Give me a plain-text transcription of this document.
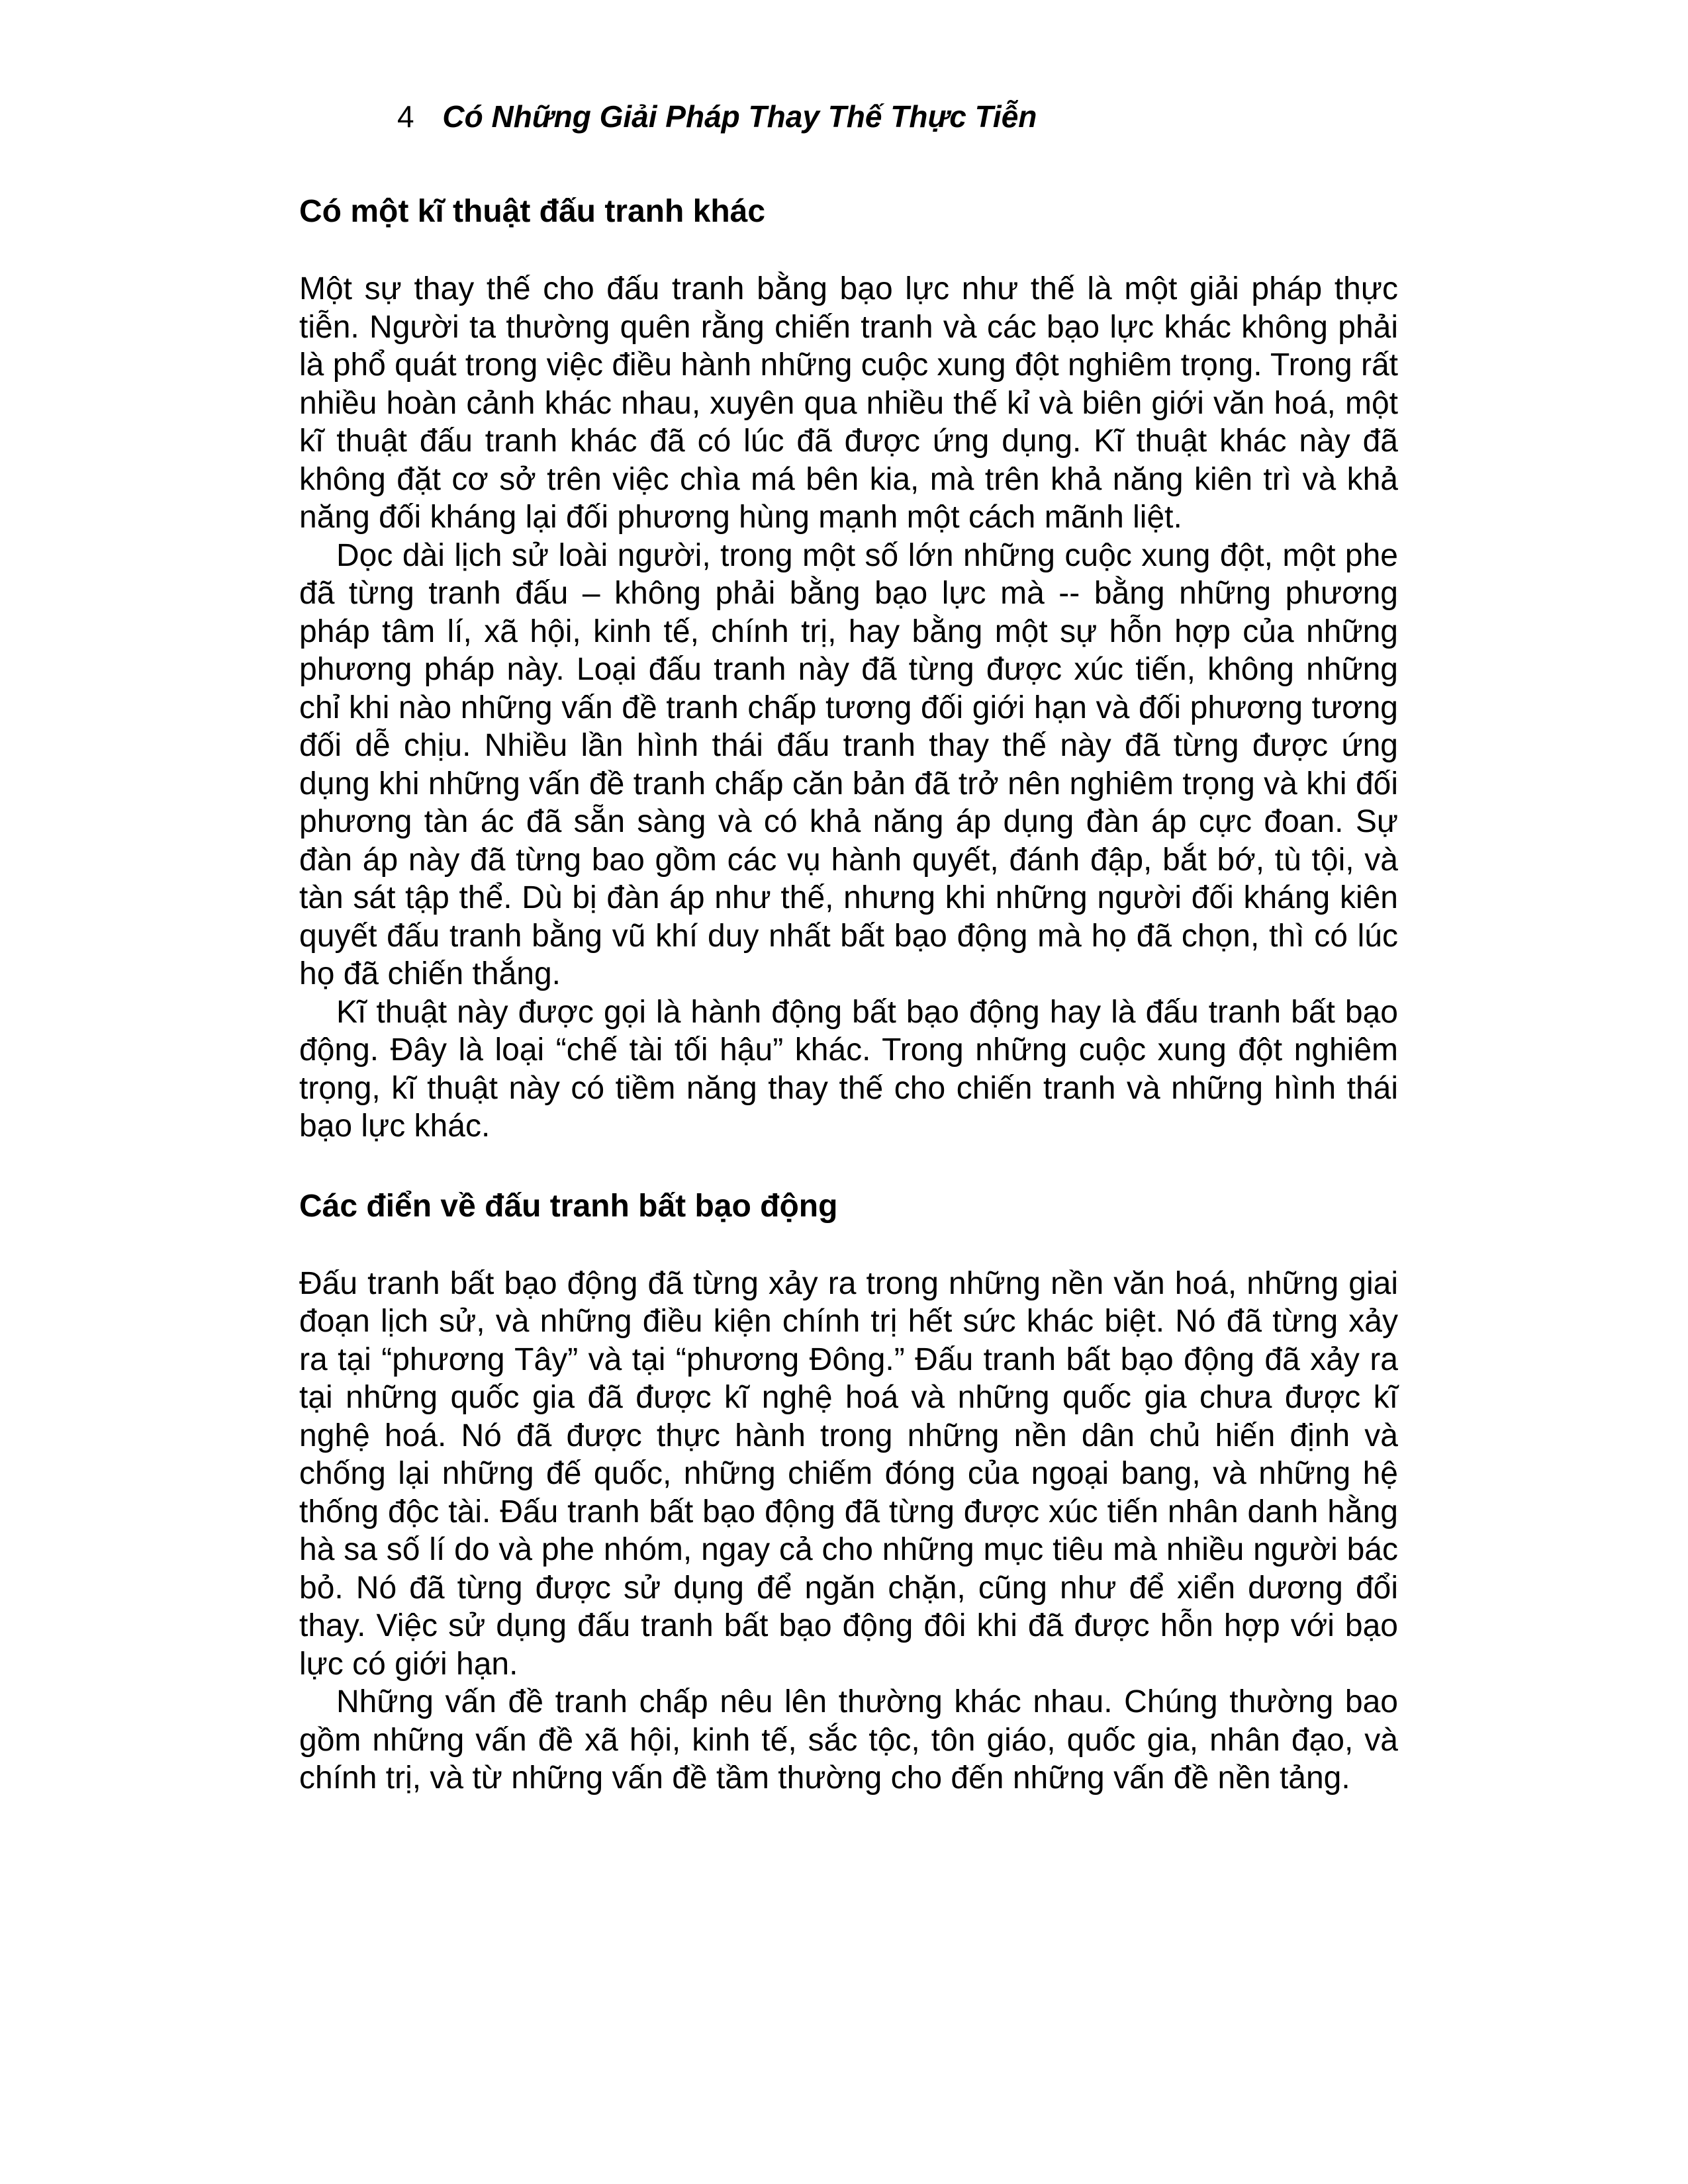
4 Có Những Giải Pháp Thay Thế Thực Tiễn
Có một kĩ thuật đấu tranh khác

Một sự thay thế cho đấu tranh bằng bạo lực như thế là một giải pháp thực tiễn. Người ta thường quên rằng chiến tranh và các bạo lực khác không phải là phổ quát trong việc điều hành những cuộc xung đột nghiêm trọng. Trong rất nhiều hoàn cảnh khác nhau, xuyên qua nhiều thế kỉ và biên giới văn hoá, một kĩ thuật đấu tranh khác đã có lúc đã được ứng dụng. Kĩ thuật khác này đã không đặt cơ sở trên việc chìa má bên kia, mà trên khả năng kiên trì và khả năng đối kháng lại đối phương hùng mạnh một cách mãnh liệt.

Dọc dài lịch sử loài người, trong một số lớn những cuộc xung đột, một phe đã từng tranh đấu – không phải bằng bạo lực mà -- bằng những phương pháp tâm lí, xã hội, kinh tế, chính trị, hay bằng một sự hỗn hợp của những phương pháp này. Loại đấu tranh này đã từng được xúc tiến, không những chỉ khi nào những vấn đề tranh chấp tương đối giới hạn và đối phương tương đối dễ chịu. Nhiều lần hình thái đấu tranh thay thế này đã từng được ứng dụng khi những vấn đề tranh chấp căn bản đã trở nên nghiêm trọng và khi đối phương tàn ác đã sẵn sàng và có khả năng áp dụng đàn áp cực đoan. Sự đàn áp này đã từng bao gồm các vụ hành quyết, đánh đập, bắt bớ, tù tội, và tàn sát tập thể. Dù bị đàn áp như thế, nhưng khi những người đối kháng kiên quyết đấu tranh bằng vũ khí duy nhất bất bạo động mà họ đã chọn, thì có lúc họ đã chiến thắng.

Kĩ thuật này được gọi là hành động bất bạo động hay là đấu tranh bất bạo động. Đây là loại “chế tài tối hậu” khác. Trong những cuộc xung đột nghiêm trọng, kĩ thuật này có tiềm năng thay thế cho chiến tranh và những hình thái bạo lực khác.

Các điển về đấu tranh bất bạo động

Đấu tranh bất bạo động đã từng xảy ra trong những nền văn hoá, những giai đoạn lịch sử, và những điều kiện chính trị hết sức khác biệt. Nó đã từng xảy ra tại “phương Tây” và tại “phương Đông.” Đấu tranh bất bạo động đã xảy ra tại những quốc gia đã được kĩ nghệ hoá và những quốc gia chưa được kĩ nghệ hoá. Nó đã được thực hành trong những nền dân chủ hiến định và chống lại những đế quốc, những chiếm đóng của ngoại bang, và những hệ thống độc tài. Đấu tranh bất bạo động đã từng được xúc tiến nhân danh hằng hà sa số lí do và phe nhóm, ngay cả cho những mục tiêu mà nhiều người bác bỏ. Nó đã từng được sử dụng để ngăn chặn, cũng như để xiển dương đổi thay. Việc sử dụng đấu tranh bất bạo động đôi khi đã được hỗn hợp với bạo lực có giới hạn.

Những vấn đề tranh chấp nêu lên thường khác nhau. Chúng thường bao gồm những vấn đề xã hội, kinh tế, sắc tộc, tôn giáo, quốc gia, nhân đạo, và chính trị, và từ những vấn đề tầm thường cho đến những vấn đề nền tảng.
